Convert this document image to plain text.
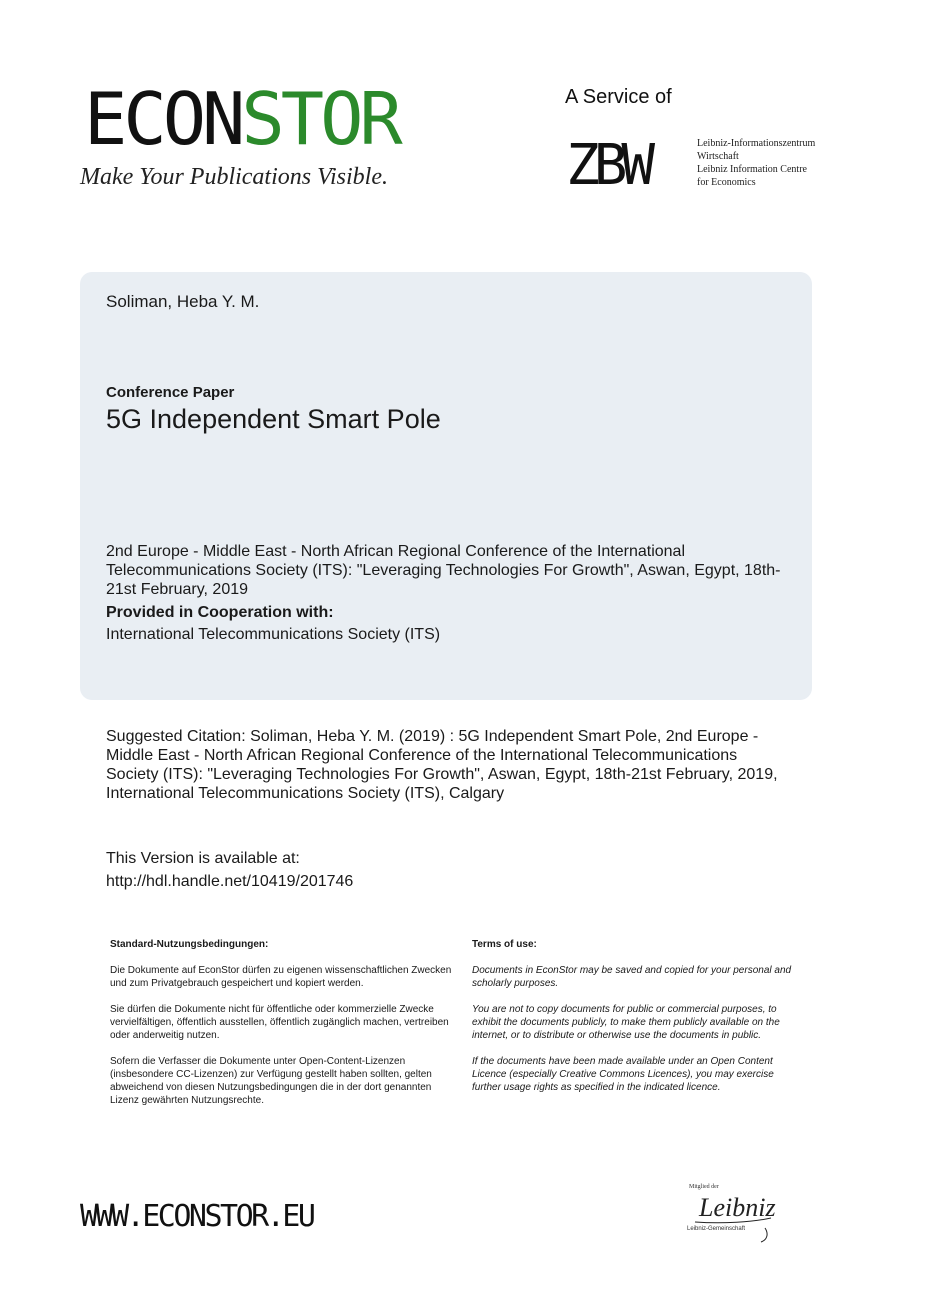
ECONSTOR
Make Your Publications Visible.
A Service of
ZBW	Leibniz-Informationszentrum
Wirtschaft
Leibniz Information Centre
for Economics
Soliman, Heba Y. M.
Conference Paper
5G Independent Smart Pole
2nd Europe - Middle East - North African Regional Conference of the International Telecommunications Society (ITS): "Leveraging Technologies For Growth", Aswan, Egypt, 18th-21st February, 2019
Provided in Cooperation with:
International Telecommunications Society (ITS)
Suggested Citation: Soliman, Heba Y. M. (2019) : 5G Independent Smart Pole, 2nd Europe - Middle East - North African Regional Conference of the International Telecommunications Society (ITS): "Leveraging Technologies For Growth", Aswan, Egypt, 18th-21st February, 2019, International Telecommunications Society (ITS), Calgary
This Version is available at:
http://hdl.handle.net/10419/201746
Standard-Nutzungsbedingungen:

Die Dokumente auf EconStor dürfen zu eigenen wissenschaftlichen Zwecken und zum Privatgebrauch gespeichert und kopiert werden.

Sie dürfen die Dokumente nicht für öffentliche oder kommerzielle Zwecke vervielfältigen, öffentlich ausstellen, öffentlich zugänglich machen, vertreiben oder anderweitig nutzen.

Sofern die Verfasser die Dokumente unter Open-Content-Lizenzen (insbesondere CC-Lizenzen) zur Verfügung gestellt haben sollten, gelten abweichend von diesen Nutzungsbedingungen die in der dort genannten Lizenz gewährten Nutzungsrechte.

Terms of use:

Documents in EconStor may be saved and copied for your personal and scholarly purposes.

You are not to copy documents for public or commercial purposes, to exhibit the documents publicly, to make them publicly available on the internet, or to distribute or otherwise use the documents in public.

If the documents have been made available under an Open Content Licence (especially Creative Commons Licences), you may exercise further usage rights as specified in the indicated licence.

WWW.ECONSTOR.EU
Mitglied der
Leibniz
Leibniz-Gemeinschaft
